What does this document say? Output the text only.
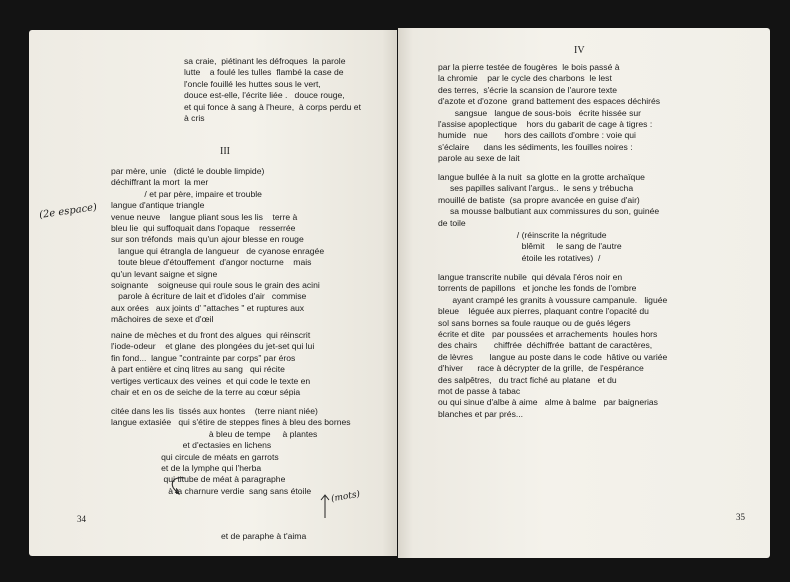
sa craie,  piétinant les défroques  la parole
lutte    a foulé les tulles  flambé la case de
l'oncle fouillé les huttes sous le vert,
douce est-elle, l'écrite liée .   douce rouge,
et qui fonce à sang à l'heure,  à corps perdu et
à cris
III
par mère, unie   (dicté le double limpide)
déchiffrant la mort  la mer
/ et par père, impaire et trouble
langue d'antique triangle
venue neuve    langue pliant sous les lis    terre à
bleu lie  qui suffoquait dans l'opaque    resserrée
sur son tréfonds  mais qu'un ajour blesse en rouge
langue qui étrangla de langueur   de cyanose enragée
toute bleue d'étouffement  d'angor nocturne    mais
qu'un levant saigne et signe
soignante    soigneuse qui roule sous le grain des acini
parole à écriture de lait et d'idoles d'air   commise
aux orées   aux joints d' "attaches " et ruptures aux
mâchoires de sexe et d'œil
naine de mèches et du front des algues  qui réinscrit
l'iode-odeur    et glane  des plongées du jet-set qui lui
fin fond...  langue "contrainte par corps" par éros
à part entière et cinq litres au sang   qui récite
vertiges verticaux des veines  et qui code le texte en
chair et en os de seiche de la terre au cœur sépia
citée dans les lis  tissés aux hontes    (terre niant niée)
langue extasiée   qui s'étire de steppes fines à bleu des bornes
à bleu de tempe     à plantes
et d'ectasies en lichens
qui circule de méats en garrots
et de la lymphe qui l'herba
qui titube de méat à paragraphe
à la charnure verdie  sang sans étoile

et de paraphe à t'aima

34
(2e espace)
(mots)
IV
par la pierre testée de fougères  le bois passé à
la chromie    par le cycle des charbons  le lest
des terres,  s'écrie la scansion de l'aurore texte
d'azote et d'ozone  grand battement des espaces déchirés
sangsue   langue de sous-bois   écrite hissée sur
l'assise apoplectique    hors du gabarit de cage à tigres :
humide   nue       hors des caillots d'ombre : voie qui
s'éclaire      dans les sédiments, les fouilles noires :
parole au sexe de lait
langue bullée à la nuit  sa glotte en la grotte archaïque
ses papilles salivant l'argus..  le sens y trébucha
mouillé de batiste  (sa propre avancée en guise d'air)
sa mousse balbutiant aux commissures du son, guinée
de toile
/ (réinscrite la négritude
blêmit     le sang de l'autre
étoile les rotatives)  /
langue transcrite nubile  qui dévala l'éros noir en
torrents de papillons   et jonche les fonds de l'ombre
ayant crampé les granits à voussure campanule.   liguée
bleue    léguée aux pierres, plaquant contre l'opacité du
sol sans bornes sa foule rauque ou de gués légers
écrite et dite   par poussées et arrachements  houles hors
des chairs       chiffrée  déchiffrée  battant de caractères,
de lèvres       langue au poste dans le code  hâtive ou variée
d'hiver      race à décrypter de la grille,  de l'espérance
des salpêtres,   du tract fiché au platane   et du
mot de passe à tabac
ou qui sinue d'albe à aime   alme à balme   par baignerias
blanches et par prés...
35
